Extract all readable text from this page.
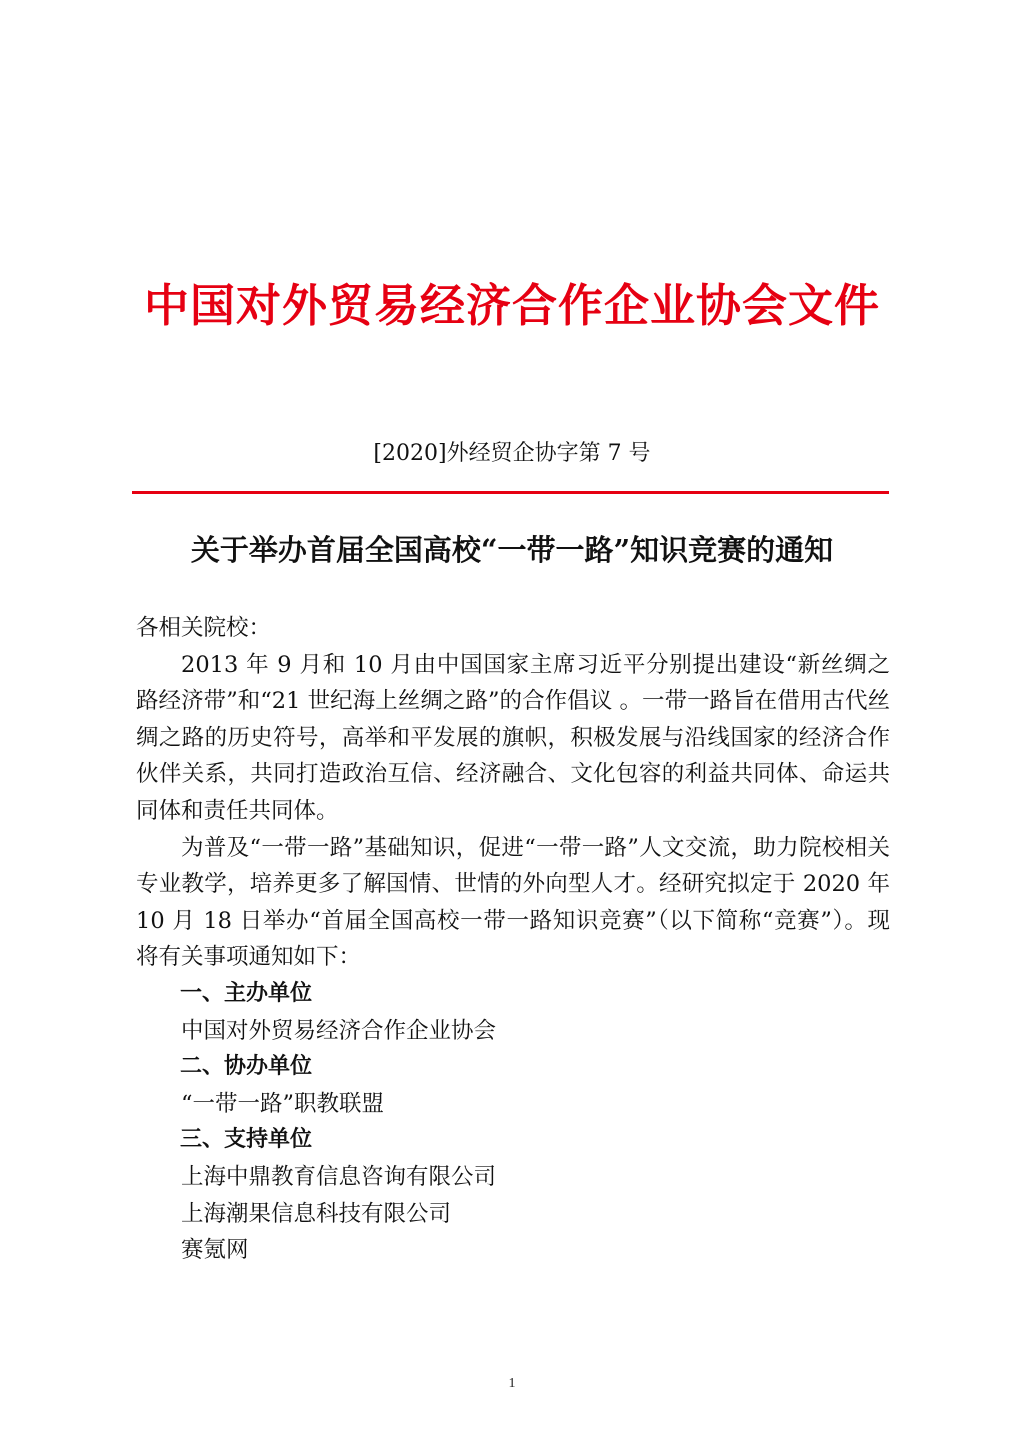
中国对外贸易经济合作企业协会文件
[2020]外经贸企协字第 7 号
关于举办首届全国高校“一带一路”知识竞赛的通知

各相关院校：

2013 年 9 月和 10 月由中国国家主席习近平分别提出建设“新丝绸之路经济带”和“21 世纪海上丝绸之路”的合作倡议 。一带一路旨在借用古代丝绸之路的历史符号，高举和平发展的旗帜，积极发展与沿线国家的经济合作伙伴关系，共同打造政治互信、经济融合、文化包容的利益共同体、命运共同体和责任共同体。

为普及“一带一路”基础知识，促进“一带一路”人文交流，助力院校相关专业教学，培养更多了解国情、世情的外向型人才。经研究拟定于 2020 年 10 月 18 日举办“首届全国高校一带一路知识竞赛”（以下简称“竞赛”）。现将有关事项通知如下：

一、主办单位
中国对外贸易经济合作企业协会
二、协办单位
“一带一路”职教联盟
三、支持单位
上海中鼎教育信息咨询有限公司
上海潮果信息科技有限公司
赛氪网
1
